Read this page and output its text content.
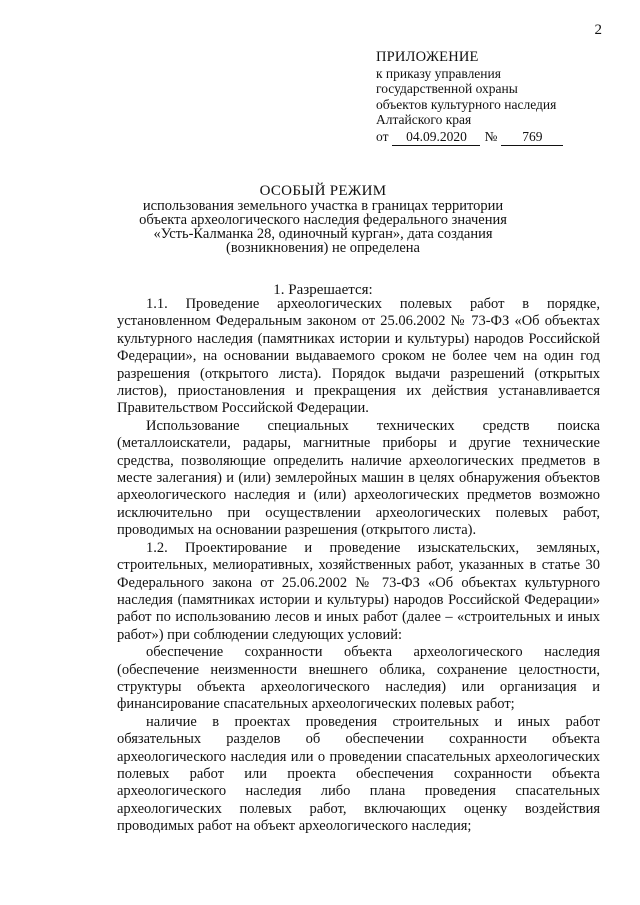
2
ПРИЛОЖЕНИЕ
к приказу управления
государственной охраны
объектов культурного наследия
Алтайского края
от	04.09.2020	№	769
ОСОБЫЙ РЕЖИМ
использования земельного участка в границах территории
объекта археологического наследия федерального значения
«Усть-Калманка 28, одиночный курган», дата создания
(возникновения) не определена
1. Разрешается:

1.1. Проведение археологических полевых работ в порядке, установленном Федеральным законом от 25.06.2002 № 73-ФЗ «Об объектах культурного наследия (памятниках истории и культуры) народов Российской Федерации», на основании выдаваемого сроком не более чем на один год разрешения (открытого листа). Порядок выдачи разрешений (открытых листов), приостановления и прекращения их действия устанавливается Правительством Российской Федерации.

Использование специальных технических средств поиска (металлоискатели, радары, магнитные приборы и другие технические средства, позволяющие определить наличие археологических предметов в месте залегания) и (или) землеройных машин в целях обнаружения объектов археологического наследия и (или) археологических предметов возможно исключительно при осуществлении археологических полевых работ, проводимых на основании разрешения (открытого листа).

1.2. Проектирование и проведение изыскательских, земляных, строительных, мелиоративных, хозяйственных работ, указанных в статье 30 Федерального закона от 25.06.2002 № 73-ФЗ «Об объектах культурного наследия (памятниках истории и культуры) народов Российской Федерации» работ по использованию лесов и иных работ (далее – «строительных и иных работ») при соблюдении следующих условий:

обеспечение сохранности объекта археологического наследия (обеспечение неизменности внешнего облика, сохранение целостности, структуры объекта археологического наследия) или организация и финансирование спасательных археологических полевых работ;

наличие в проектах проведения строительных и иных работ обязательных разделов об обеспечении сохранности объекта археологического наследия или о проведении спасательных археологических полевых работ или проекта обеспечения сохранности объекта археологического наследия либо плана проведения спасательных археологических полевых работ, включающих оценку воздействия проводимых работ на объект археологического наследия;
